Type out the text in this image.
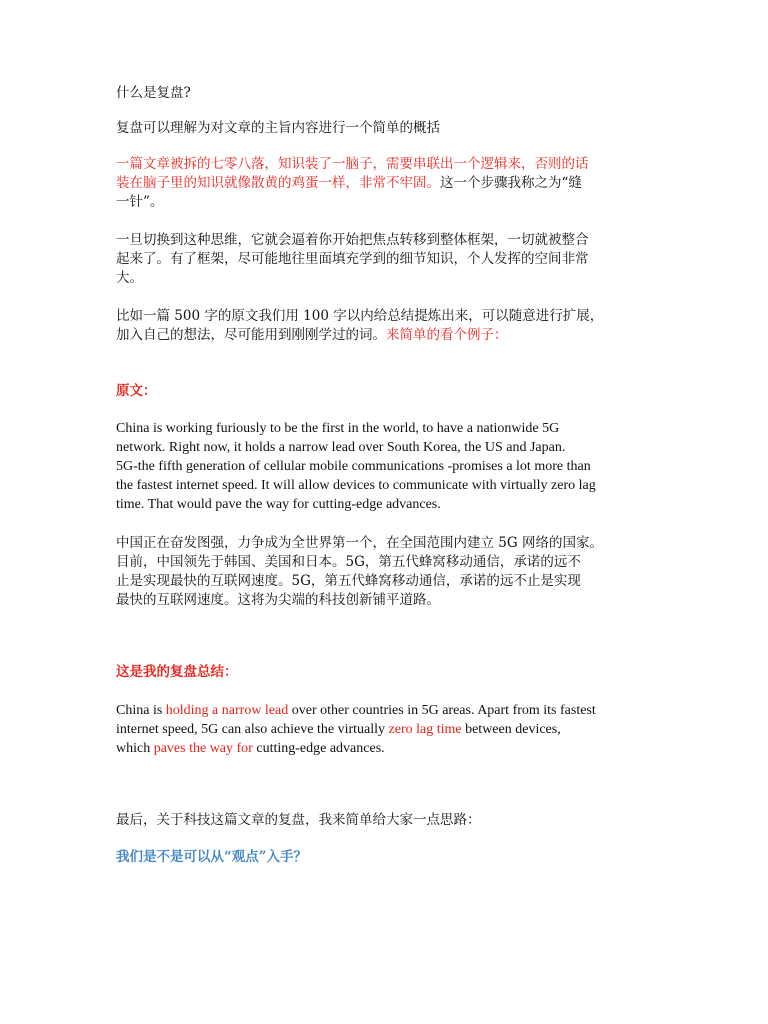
什么是复盘?

复盘可以理解为对文章的主旨内容进行一个简单的概括

一篇文章被拆的七零八落，知识装了一脑子，需要串联出一个逻辑来，否则的话
装在脑子里的知识就像散黄的鸡蛋一样，非常不牢固。这一个步骤我称之为“缝
一针”。

一旦切换到这种思维，它就会逼着你开始把焦点转移到整体框架，一切就被整合
起来了。有了框架，尽可能地往里面填充学到的细节知识，个人发挥的空间非常
大。

比如一篇 500 字的原文我们用 100 字以内给总结提炼出来，可以随意进行扩展，
加入自己的想法，尽可能用到刚刚学过的词。来简单的看个例子：

原文：

China is working furiously to be the first in the world, to have a nationwide 5G
network. Right now, it holds a narrow lead over South Korea, the US and Japan.
5G-the fifth generation of cellular mobile communications -promises a lot more than
the fastest internet speed. It will allow devices to communicate with virtually zero lag
time. That would pave the way for cutting-edge advances.

中国正在奋发图强，力争成为全世界第一个，在全国范围内建立 5G 网络的国家。
目前，中国领先于韩国、美国和日本。5G，第五代蜂窝移动通信，承诺的远不
止是实现最快的互联网速度。5G，第五代蜂窝移动通信，承诺的远不止是实现
最快的互联网速度。这将为尖端的科技创新铺平道路。

这是我的复盘总结：

China is holding a narrow lead over other countries in 5G areas. Apart from its fastest
internet speed, 5G can also achieve the virtually zero lag time between devices,
which paves the way for cutting-edge advances.

最后，关于科技这篇文章的复盘，我来简单给大家一点思路：

我们是不是可以从“观点”入手？
